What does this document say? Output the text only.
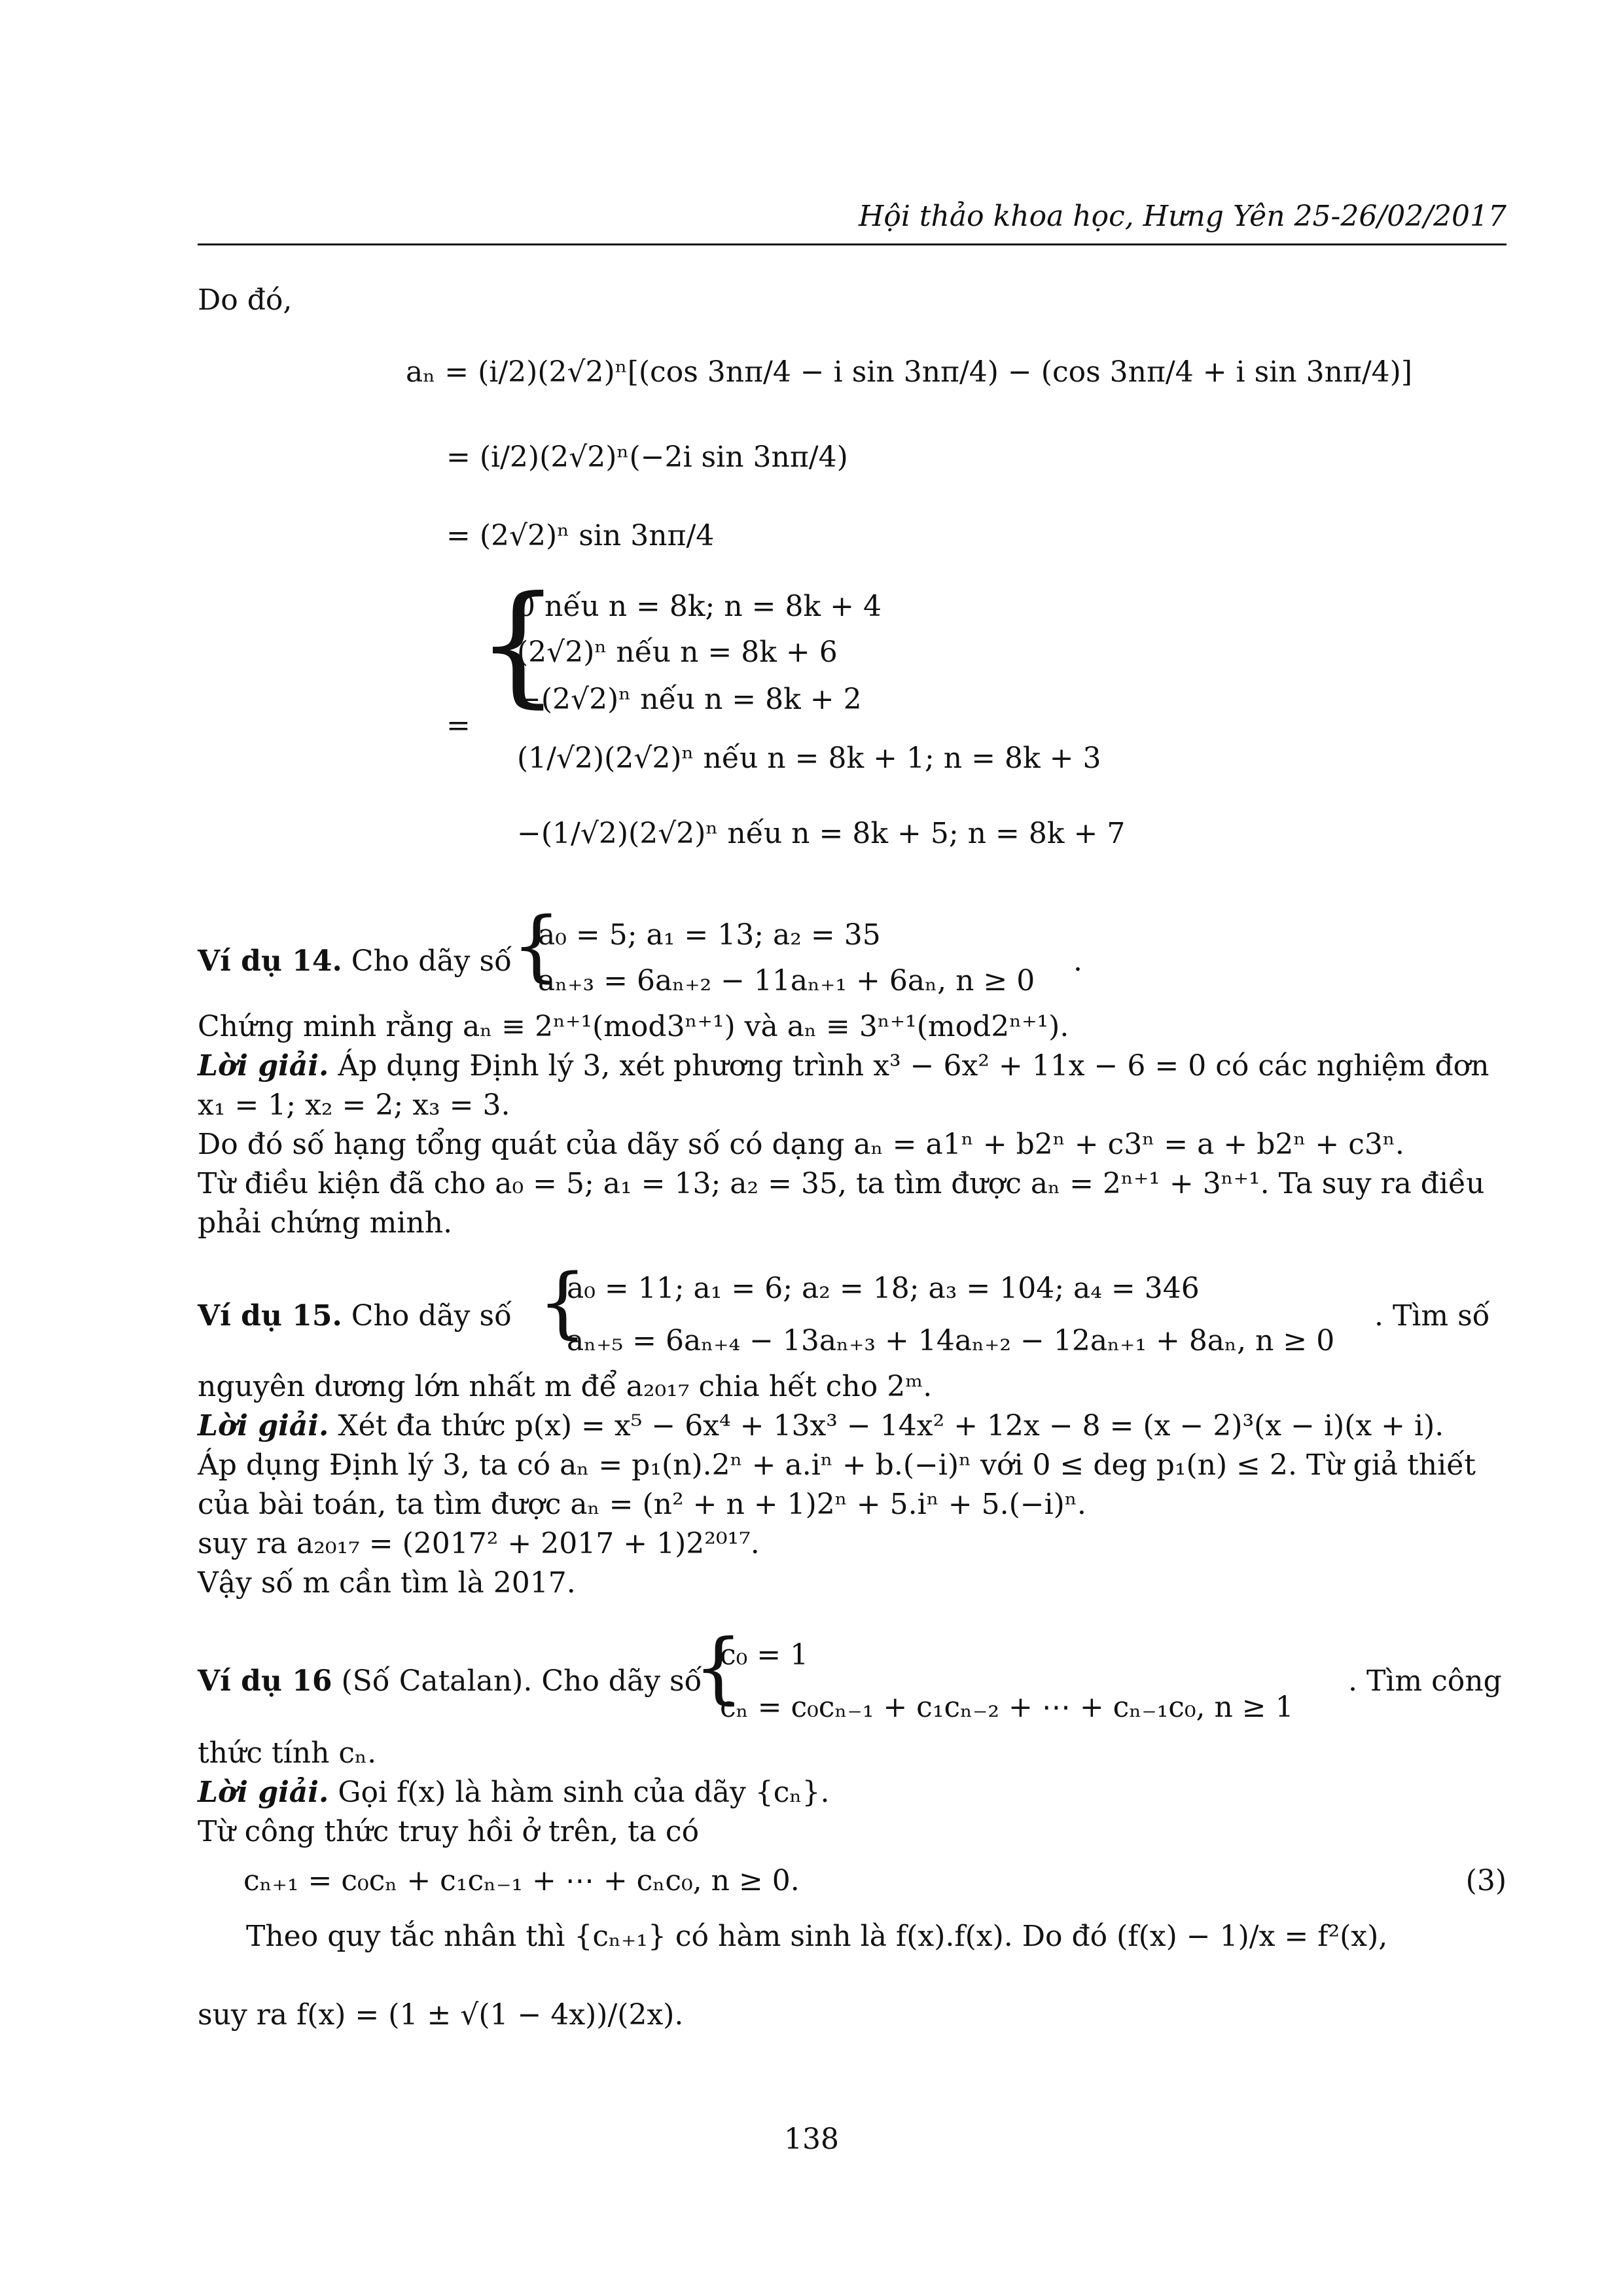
Hội thảo khoa học, Hưng Yên 25-26/02/2017
Do đó,
aₙ = (i/2)(2√2)ⁿ[(cos 3nπ/4 − i sin 3nπ/4) − (cos 3nπ/4 + i sin 3nπ/4)]
= (i/2)(2√2)ⁿ(−2i sin 3nπ/4)
= (2√2)ⁿ sin 3nπ/4
=
{
0 nếu n = 8k; n = 8k + 4
(2√2)ⁿ nếu n = 8k + 6
−(2√2)ⁿ nếu n = 8k + 2
(1/√2)(2√2)ⁿ nếu n = 8k + 1; n = 8k + 3
−(1/√2)(2√2)ⁿ nếu n = 8k + 5; n = 8k + 7
Ví dụ 14. Cho dãy số {
a₀ = 5; a₁ = 13; a₂ = 35
aₙ₊₃ = 6aₙ₊₂ − 11aₙ₊₁ + 6aₙ, n ≥ 0
.
Chứng minh rằng aₙ ≡ 2ⁿ⁺¹(mod3ⁿ⁺¹) và aₙ ≡ 3ⁿ⁺¹(mod2ⁿ⁺¹).
Lời giải. Áp dụng Định lý 3, xét phương trình x³ − 6x² + 11x − 6 = 0 có các nghiệm đơn
x₁ = 1; x₂ = 2; x₃ = 3.
Do đó số hạng tổng quát của dãy số có dạng aₙ = a1ⁿ + b2ⁿ + c3ⁿ = a + b2ⁿ + c3ⁿ.
Từ điều kiện đã cho a₀ = 5; a₁ = 13; a₂ = 35, ta tìm được aₙ = 2ⁿ⁺¹ + 3ⁿ⁺¹. Ta suy ra điều
phải chứng minh.
Ví dụ 15. Cho dãy số {
a₀ = 11; a₁ = 6; a₂ = 18; a₃ = 104; a₄ = 346
aₙ₊₅ = 6aₙ₊₄ − 13aₙ₊₃ + 14aₙ₊₂ − 12aₙ₊₁ + 8aₙ, n ≥ 0
. Tìm số
nguyên dương lớn nhất m để a₂₀₁₇ chia hết cho 2ᵐ.
Lời giải. Xét đa thức p(x) = x⁵ − 6x⁴ + 13x³ − 14x² + 12x − 8 = (x − 2)³(x − i)(x + i).
Áp dụng Định lý 3, ta có aₙ = p₁(n).2ⁿ + a.iⁿ + b.(−i)ⁿ với 0 ≤ deg p₁(n) ≤ 2. Từ giả thiết
của bài toán, ta tìm được aₙ = (n² + n + 1)2ⁿ + 5.iⁿ + 5.(−i)ⁿ.
suy ra a₂₀₁₇ = (2017² + 2017 + 1)2²⁰¹⁷.
Vậy số m cần tìm là 2017.
Ví dụ 16 (Số Catalan). Cho dãy số
{
c₀ = 1
cₙ = c₀cₙ₋₁ + c₁cₙ₋₂ + ⋯ + cₙ₋₁c₀, n ≥ 1
. Tìm công
thức tính cₙ.
Lời giải. Gọi f(x) là hàm sinh của dãy {cₙ}.
Từ công thức truy hồi ở trên, ta có
cₙ₊₁ = c₀cₙ + c₁cₙ₋₁ + ⋯ + cₙc₀, n ≥ 0.	(3)
Theo quy tắc nhân thì {cₙ₊₁} có hàm sinh là f(x).f(x). Do đó (f(x) − 1)/x = f²(x),
suy ra f(x) = (1 ± √(1 − 4x))/(2x).
138
